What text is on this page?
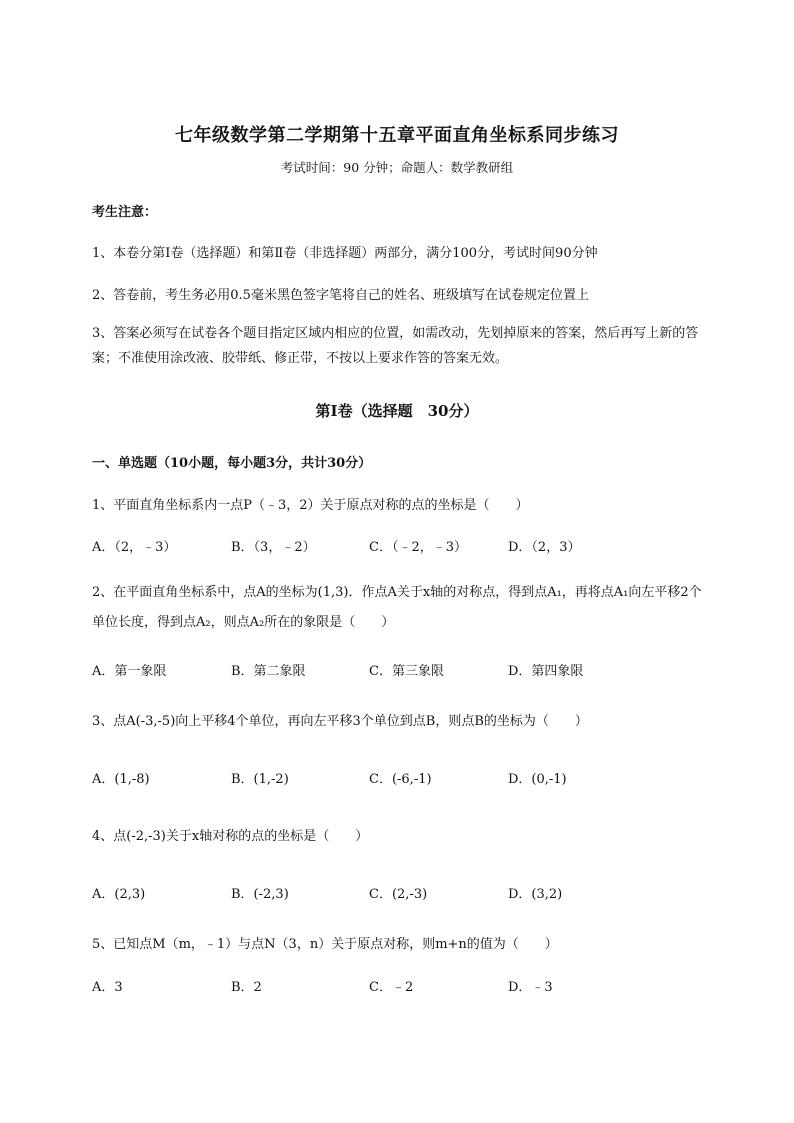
七年级数学第二学期第十五章平面直角坐标系同步练习
考试时间：90 分钟；命题人：数学教研组
考生注意：
1、本卷分第Ⅰ卷（选择题）和第Ⅱ卷（非选择题）两部分，满分100分，考试时间90分钟
2、答卷前，考生务必用0.5毫米黑色签字笔将自己的姓名、班级填写在试卷规定位置上
3、答案必须写在试卷各个题目指定区域内相应的位置，如需改动，先划掉原来的答案，然后再写上新的答案；不准使用涂改液、胶带纸、修正带，不按以上要求作答的答案无效。
第Ⅰ卷（选择题　30分）
一、单选题（10小题，每小题3分，共计30分）
1、平面直角坐标系内一点P（﹣3，2）关于原点对称的点的坐标是（　　）
A．（2，﹣3）	B．（3，﹣2）	C．（﹣2，﹣3）	D．（2，3）
2、在平面直角坐标系中，点A的坐标为(1,3)．作点A关于x轴的对称点，得到点A₁，再将点A₁向左平移2个单位长度，得到点A₂，则点A₂所在的象限是（　　）
A．第一象限	B．第二象限	C．第三象限	D．第四象限
3、点A(-3,-5)向上平移4个单位，再向左平移3个单位到点B，则点B的坐标为（　　）
A．(1,-8)	B．(1,-2)	C．(-6,-1)	D．(0,-1)
4、点(-2,-3)关于x轴对称的点的坐标是（　　）
A．(2,3)	B．(-2,3)	C．(2,-3)	D．(3,2)
5、已知点M（m，﹣1）与点N（3，n）关于原点对称，则m+n的值为（　　）
A．3	B．2	C．﹣2	D．﹣3
